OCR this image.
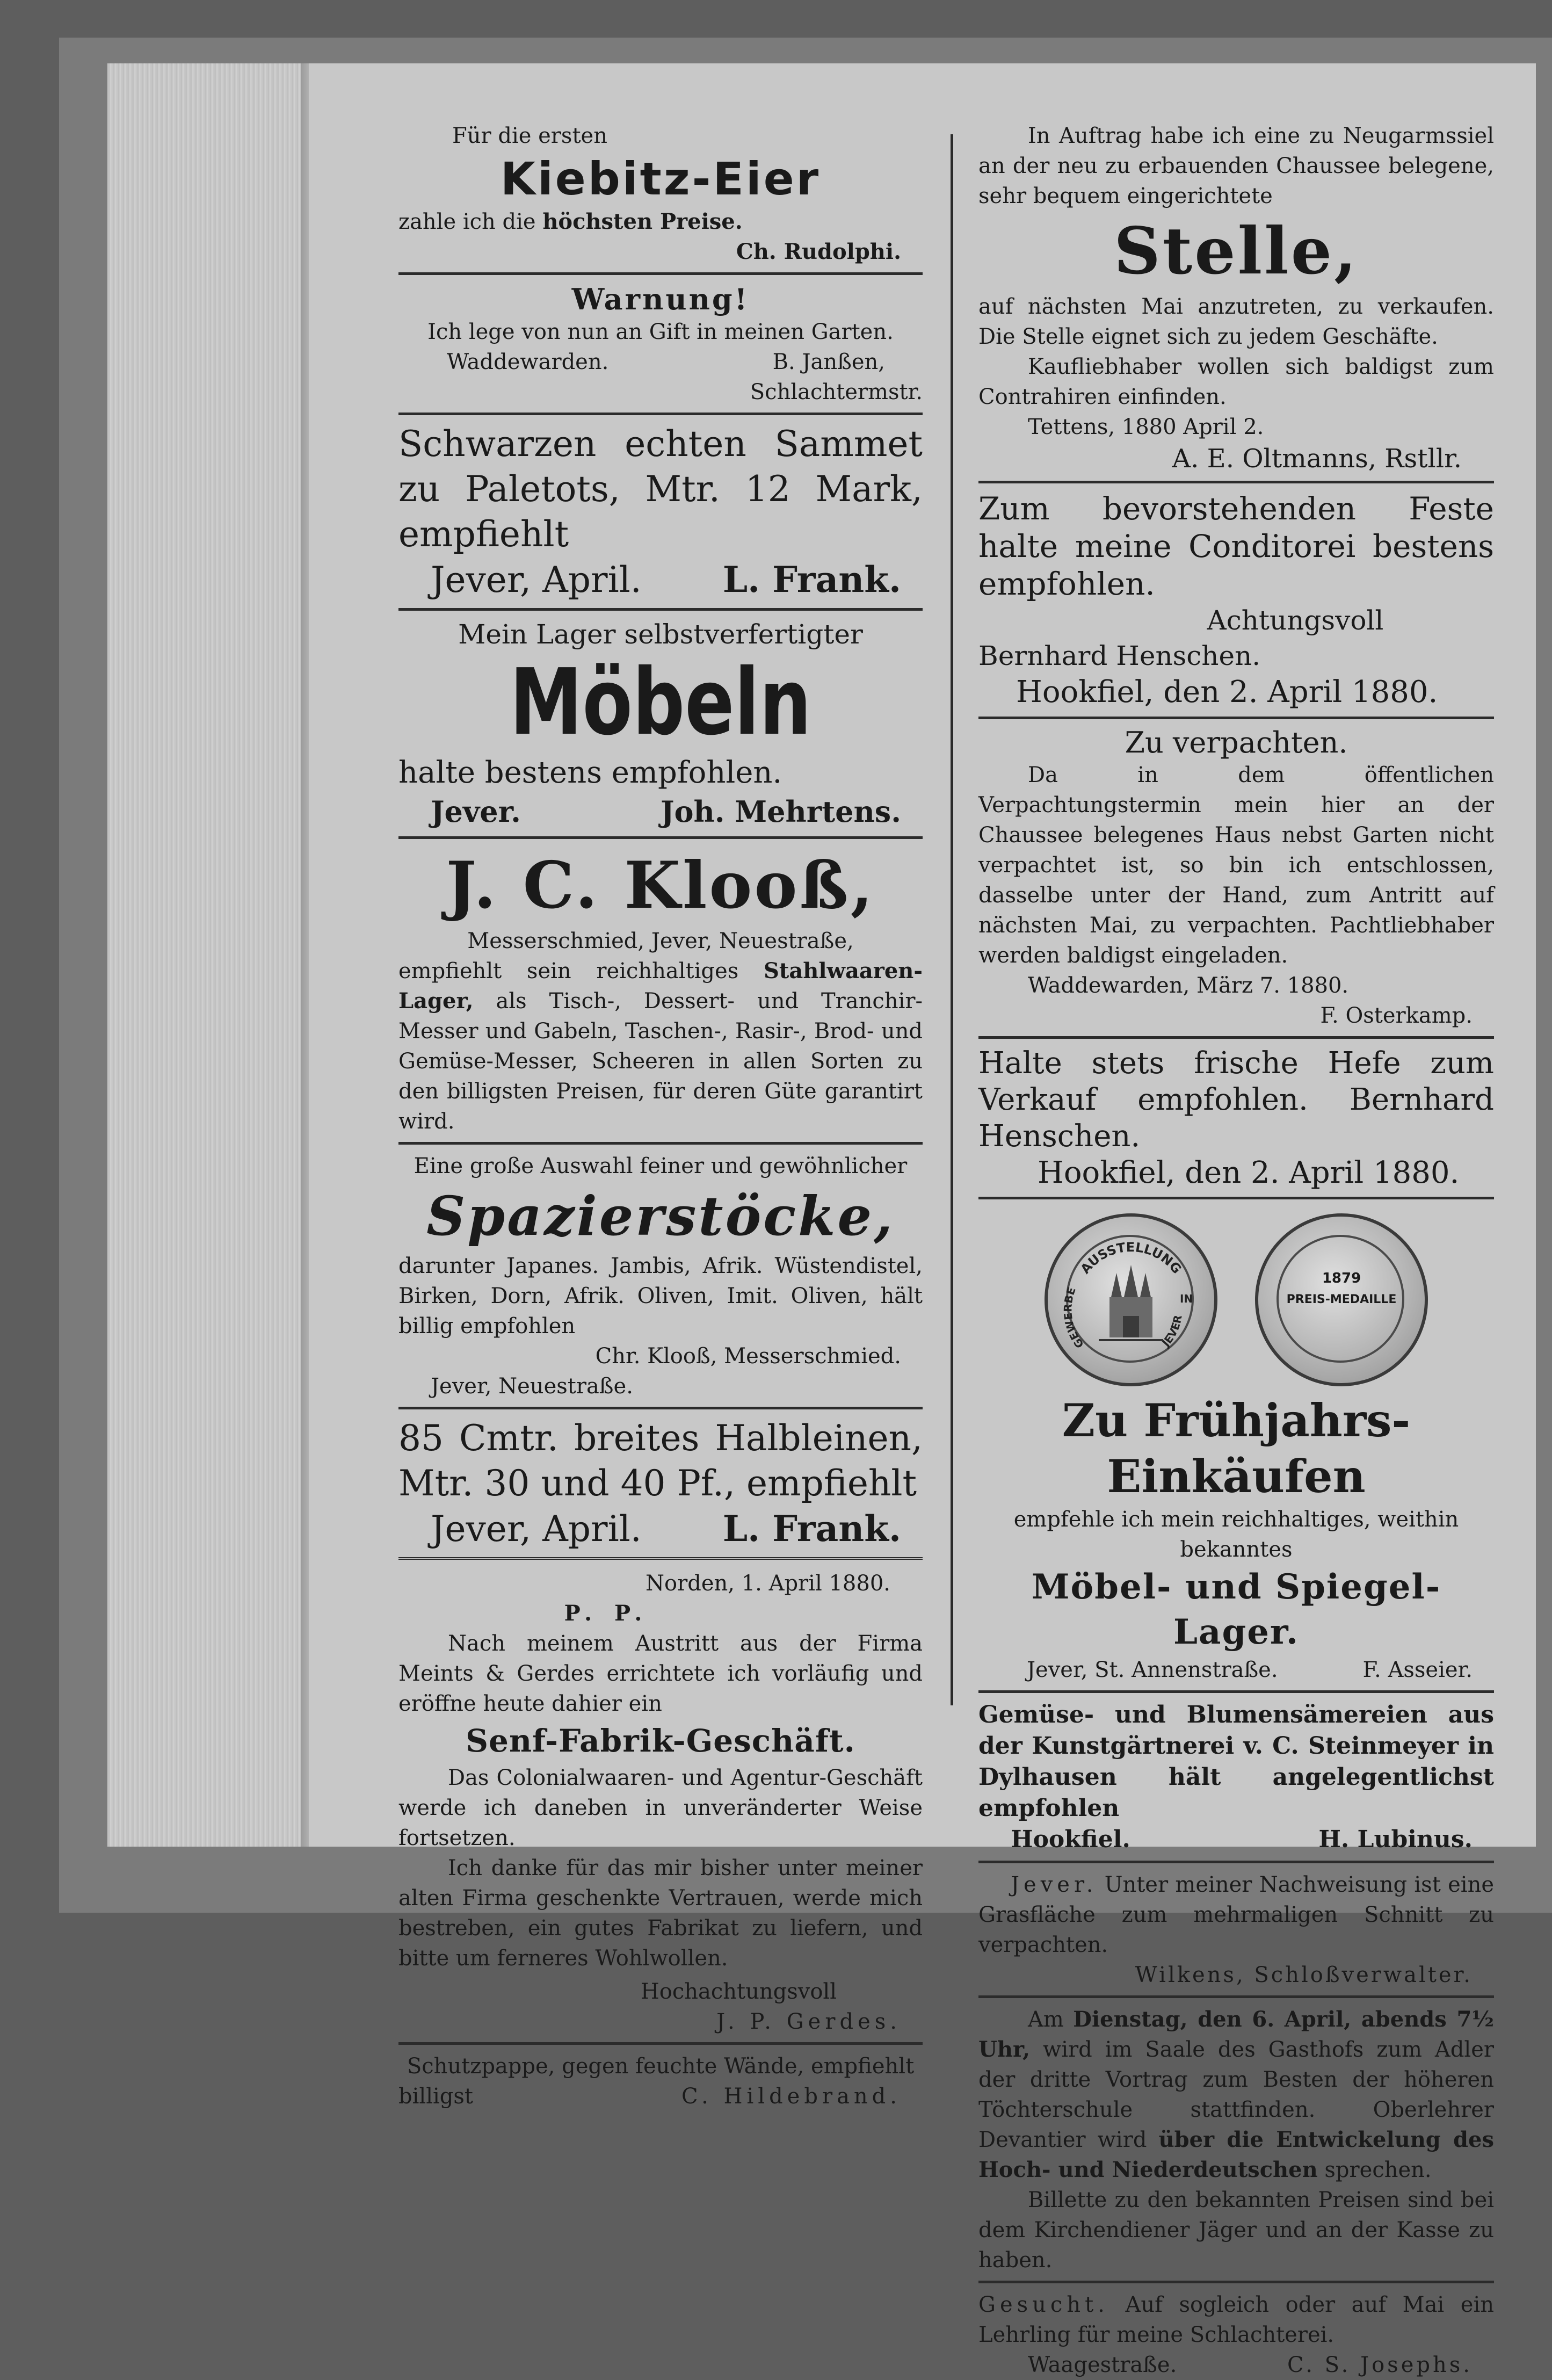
Für die ersten
Kiebitz-Eier
zahle ich die höchsten Preise.
Ch. Rudolphi.
Warnung!
Ich lege von nun an Gift in meinen Garten.
Waddewarden.	B. Janßen,
Schlachtermstr.
Schwarzen echten Sammet zu Paletots, Mtr. 12 Mark, empfiehlt
Jever, April. L. Frank.
Mein Lager selbstverfertigter
Möbeln
halte bestens empfohlen.
Jever.	Joh. Mehrtens.
J. C. Klooß,
Messerschmied, Jever, Neuestraße,
empfiehlt sein reichhaltiges Stahlwaaren-Lager, als Tisch-, Dessert- und Tranchir-Messer und Gabeln, Taschen-, Rasir-, Brod- und Gemüse-Messer, Scheeren in allen Sorten zu den billigsten Preisen, für deren Güte garantirt wird.
Eine große Auswahl feiner und gewöhnlicher
Spazierstöcke,
darunter Japanes. Jambis, Afrik. Wüstendistel, Birken, Dorn, Afrik. Oliven, Imit. Oliven, hält billig empfohlen
Chr. Klooß, Messerschmied.
Jever, Neuestraße.
85 Cmtr. breites Halbleinen, Mtr. 30 und 40 Pf., empfiehlt
Jever, April. L. Frank.
Norden, 1. April 1880.
P. P.
Nach meinem Austritt aus der Firma Meints & Gerdes errichtete ich vorläufig und eröffne heute dahier ein
Senf-Fabrik-Geschäft.
Das Colonialwaaren- und Agentur-Geschäft werde ich daneben in unveränderter Weise fortsetzen.
Ich danke für das mir bisher unter meiner alten Firma geschenkte Vertrauen, werde mich bestreben, ein gutes Fabrikat zu liefern, und bitte um ferneres Wohlwollen.
Hochachtungsvoll
J. P. Gerdes.
Schutzpappe, gegen feuchte Wände, empfiehlt
billigst	C. Hildebrand.
In Auftrag habe ich eine zu Neugarmssiel an der neu zu erbauenden Chaussee belegene, sehr bequem eingerichtete
Stelle,
auf nächsten Mai anzutreten, zu verkaufen. Die Stelle eignet sich zu jedem Geschäfte.
Kaufliebhaber wollen sich baldigst zum Contrahiren einfinden.
Tettens, 1880 April 2.
A. E. Oltmanns, Rstllr.
Zum bevorstehenden Feste halte meine Conditorei bestens empfohlen.
Achtungsvoll
Bernhard Henschen.
Hookfiel, den 2. April 1880.
Zu verpachten.
Da in dem öffentlichen Verpachtungstermin mein hier an der Chaussee belegenes Haus nebst Garten nicht verpachtet ist, so bin ich entschlossen, dasselbe unter der Hand, zum Antritt auf nächsten Mai, zu verpachten. Pachtliebhaber werden baldigst eingeladen.
Waddewarden, März 7. 1880.
F. Osterkamp.
Halte stets frische Hefe zum Verkauf empfohlen. Bernhard Henschen.
Hookfiel, den 2. April 1880.
AUSSTELLUNG
GEWERBE
IN
JEVER
1879
PREIS-MEDAILLE
Zu Frühjahrs-Einkäufen
empfehle ich mein reichhaltiges, weithin bekanntes
Möbel- und Spiegel-Lager.
Jever, St. Annenstraße.	F. Asseier.
Gemüse- und Blumensämereien aus der Kunstgärtnerei v. C. Steinmeyer in Dylhausen hält angelegentlichst empfohlen
Hookfiel.	H. Lubinus.
Jever. Unter meiner Nachweisung ist eine Grasfläche zum mehrmaligen Schnitt zu verpachten.
Wilkens, Schloßverwalter.
Am Dienstag, den 6. April, abends 7½ Uhr, wird im Saale des Gasthofs zum Adler der dritte Vortrag zum Besten der höheren Töchterschule stattfinden. Oberlehrer Devantier wird über die Entwickelung des Hoch- und Niederdeutschen sprechen.
Billette zu den bekannten Preisen sind bei dem Kirchendiener Jäger und an der Kasse zu haben.
Gesucht. Auf sogleich oder auf Mai ein Lehrling für meine Schlachterei.
Waagestraße.	C. S. Josephs.
